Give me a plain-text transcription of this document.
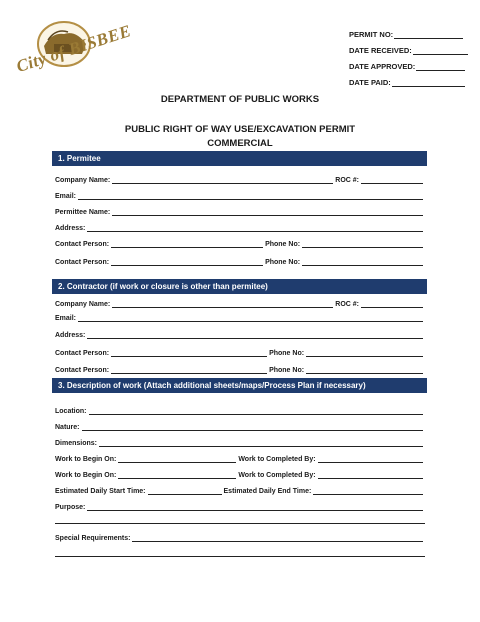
City of BISBEE	PERMIT NO:
DATE RECEIVED:
DATE APPROVED:
DATE PAID:
DEPARTMENT OF PUBLIC WORKS
PUBLIC RIGHT OF WAY USE/EXCAVATION PERMIT
COMMERCIAL
1. Permitee
Company Name:	ROC #:
Email:
Permittee Name:
Address:
Contact Person:	Phone No:
Contact Person:	Phone No:
2. Contractor (if work or closure is other than permitee)
Company Name:	ROC #:
Email:
Address:
Contact Person:	Phone No:
Contact Person:	Phone No:
3. Description of work (Attach additional sheets/maps/Process Plan if necessary)
Location:
Nature:
Dimensions:
Work to Begin On:	Work to Completed By:
Work to Begin On:	Work to Completed By:
Estimated Daily Start Time:	Estimated Daily End Time:
Purpose:
Special Requirements:
